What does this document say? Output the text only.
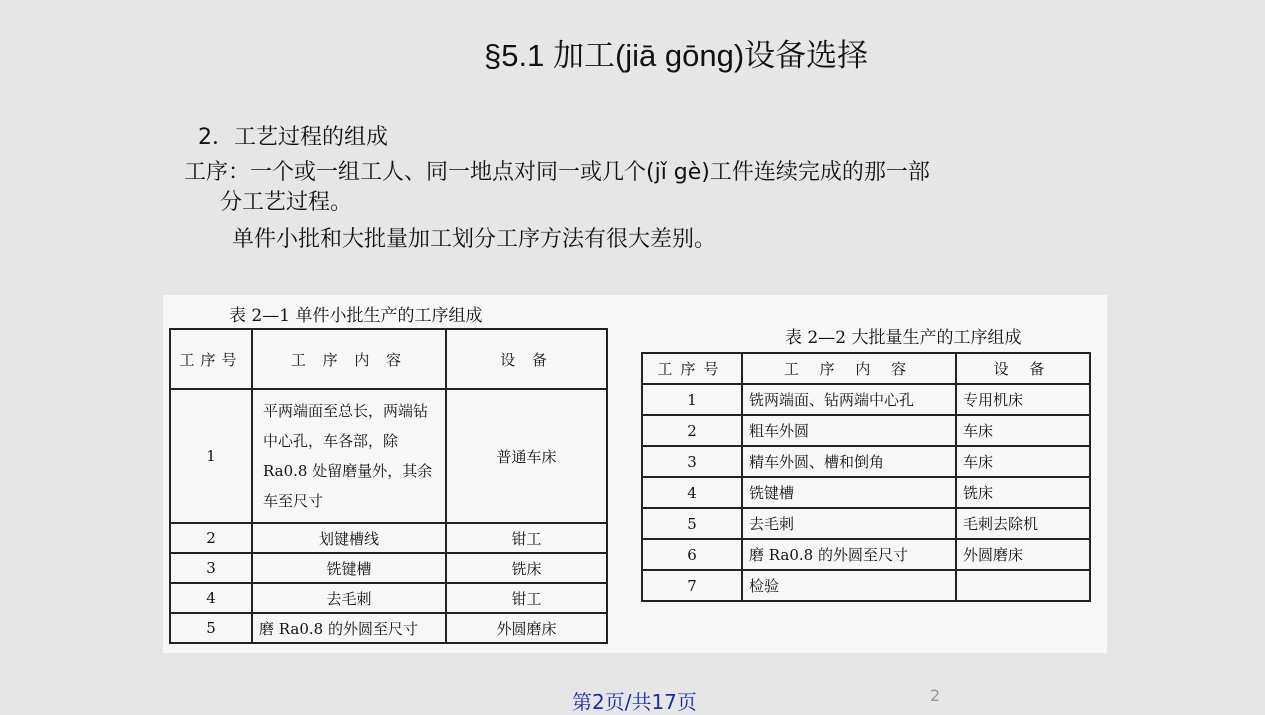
§5.1 加工(jiā gōng)设备选择
2．工艺过程的组成
工序：一个或一组工人、同一地点对同一或几个(jǐ gè)工件连续完成的那一部
分工艺过程。
单件小批和大批量加工划分工序方法有很大差别。
表 2—1 单件小批生产的工序组成
工序号	工 序 内 容	设 备
1	平两端面至总长，两端钻中心孔，车各部，除Ra0.8 处留磨量外，其余车至尺寸	普通车床
2	划键槽线	钳工
3	铣键槽	铣床
4	去毛刺	钳工
5	磨 Ra0.8 的外圆至尺寸	外圆磨床
表 2—2 大批量生产的工序组成
工序号	工 序 内 容	设 备
1	铣两端面、钻两端中心孔	专用机床
2	粗车外圆	车床
3	精车外圆、槽和倒角	车床
4	铣键槽	铣床
5	去毛刺	毛刺去除机
6	磨 Ra0.8 的外圆至尺寸	外圆磨床
7	检验	
第2页/共17页	2
